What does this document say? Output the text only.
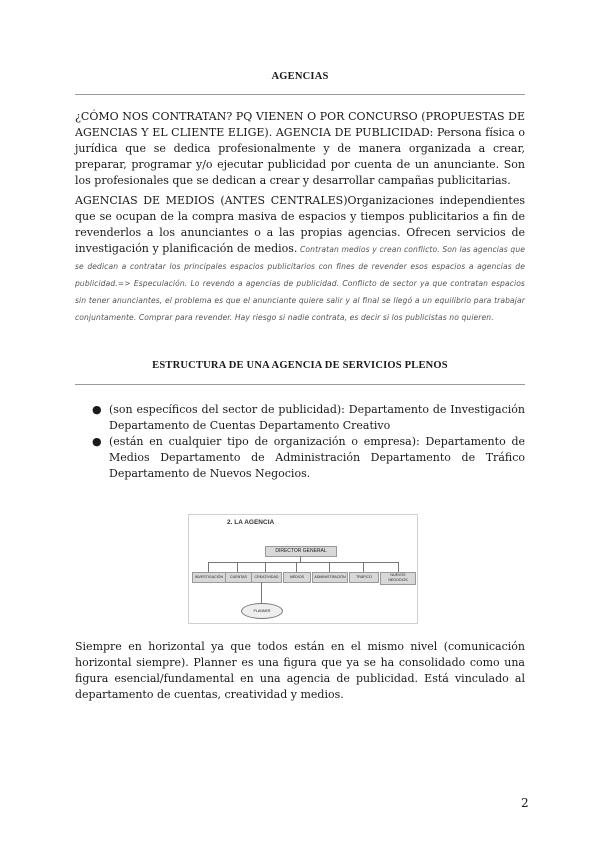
AGENCIAS
¿CÓMO NOS CONTRATAN? PQ VIENEN O POR CONCURSO (PROPUESTAS DE AGENCIAS Y EL CLIENTE ELIGE). AGENCIA DE PUBLICIDAD: Persona física o jurídica que se dedica profesionalmente y de manera organizada a crear, preparar, programar y/o ejecutar publicidad por cuenta de un anunciante. Son los profesionales que se dedican a crear y desarrollar campañas publicitarias.
AGENCIAS DE MEDIOS (ANTES CENTRALES)Organizaciones independientes que se ocupan de la compra masiva de espacios y tiempos publicitarios a fin de revenderlos a los anunciantes o a las propias agencias. Ofrecen servicios de investigación y planificación de medios. Contratan medios y crean conflicto. Son las agencias que se dedican a contratar los principales espacios publicitarios con fines de revender esos espacios a agencias de publicidad.=> Especulación. Lo revendo a agencias de publicidad. Conflicto de sector ya que contratan espacios sin tener anunciantes, el problema es que el anunciante quiere salir y al final se llegó a un equilibrio para trabajar conjuntamente. Comprar para revender. Hay riesgo si nadie contrata, es decir si los publicistas no quieren.
ESTRUCTURA DE UNA AGENCIA DE SERVICIOS PLENOS
● (son específicos del sector de publicidad): Departamento de Investigación Departamento de Cuentas Departamento Creativo
● (están en cualquier tipo de organización o empresa): Departamento de Medios Departamento de Administración Departamento de Tráfico Departamento de Nuevos Negocios.
2. LA AGENCIA
DIRECTOR GENERAL
INVESTIGACIÓN	CUENTAS	CREATIVIDAD	MEDIOS	ADMINISTRACIÓN	TRÁFICO	NUEVOS NEGOCIOS
PLANNER
Siempre en horizontal ya que todos están en el mismo nivel (comunicación horizontal siempre). Planner es una figura que ya se ha consolidado como una figura esencial/fundamental en una agencia de publicidad. Está vinculado al departamento de cuentas, creatividad y medios.
2
